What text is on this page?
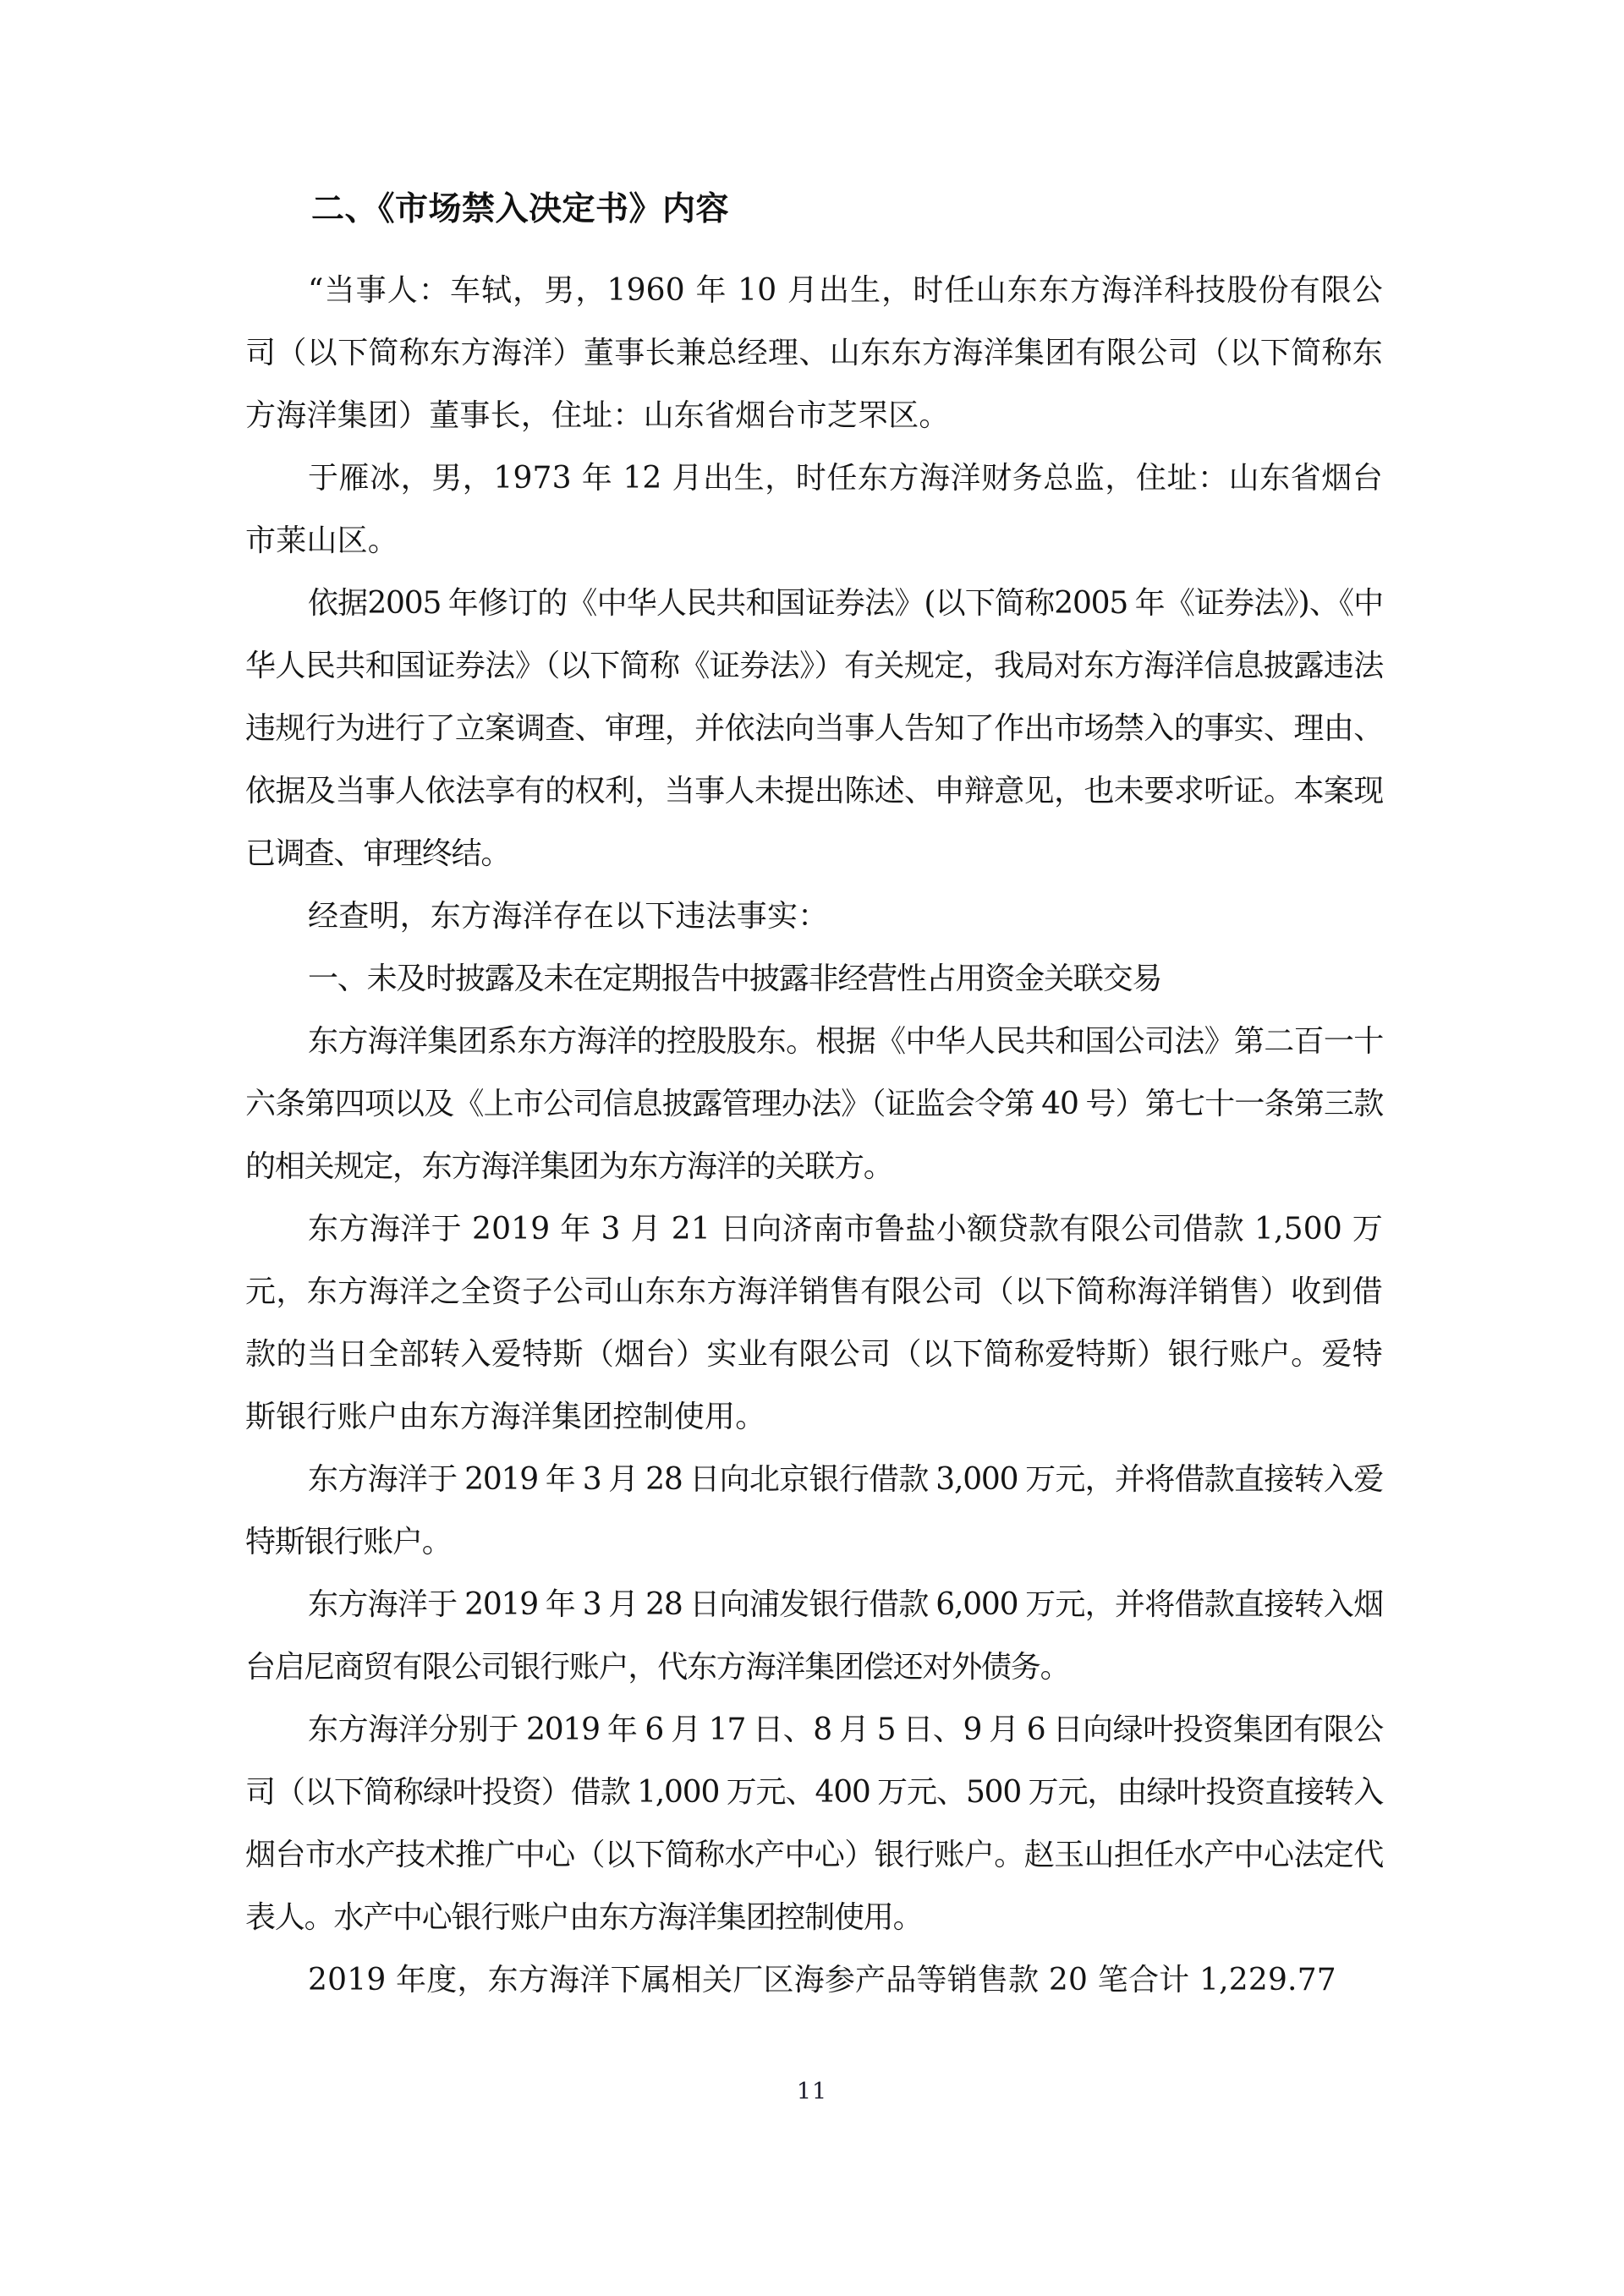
二、《市场禁入决定书》内容

“当事人：车轼，男，1960 年 10 月出生，时任山东东方海洋科技股份有限公司（以下简称东方海洋）董事长兼总经理、山东东方海洋集团有限公司（以下简称东方海洋集团）董事长，住址：山东省烟台市芝罘区。

于雁冰，男，1973 年 12 月出生，时任东方海洋财务总监，住址：山东省烟台市莱山区。

依据2005 年修订的《中华人民共和国证券法》(以下简称2005 年《证券法》)、《中华人民共和国证券法》（以下简称《证券法》）有关规定，我局对东方海洋信息披露违法违规行为进行了立案调查、审理，并依法向当事人告知了作出市场禁入的事实、理由、依据及当事人依法享有的权利，当事人未提出陈述、申辩意见，也未要求听证。本案现已调查、审理终结。

经查明，东方海洋存在以下违法事实：

一、未及时披露及未在定期报告中披露非经营性占用资金关联交易

东方海洋集团系东方海洋的控股股东。根据《中华人民共和国公司法》第二百一十六条第四项以及《上市公司信息披露管理办法》（证监会令第 40 号）第七十一条第三款的相关规定，东方海洋集团为东方海洋的关联方。

东方海洋于 2019 年 3 月 21 日向济南市鲁盐小额贷款有限公司借款 1,500 万元，东方海洋之全资子公司山东东方海洋销售有限公司（以下简称海洋销售）收到借款的当日全部转入爱特斯（烟台）实业有限公司（以下简称爱特斯）银行账户。爱特斯银行账户由东方海洋集团控制使用。

东方海洋于 2019 年 3 月 28 日向北京银行借款 3,000 万元，并将借款直接转入爱特斯银行账户。

东方海洋于 2019 年 3 月 28 日向浦发银行借款 6,000 万元，并将借款直接转入烟台启尼商贸有限公司银行账户，代东方海洋集团偿还对外债务。

东方海洋分别于 2019 年 6 月 17 日、8 月 5 日、9 月 6 日向绿叶投资集团有限公司（以下简称绿叶投资）借款 1,000 万元、400 万元、500 万元，由绿叶投资直接转入烟台市水产技术推广中心（以下简称水产中心）银行账户。赵玉山担任水产中心法定代表人。水产中心银行账户由东方海洋集团控制使用。

2019 年度，东方海洋下属相关厂区海参产品等销售款 20 笔合计 1,229.77

11
